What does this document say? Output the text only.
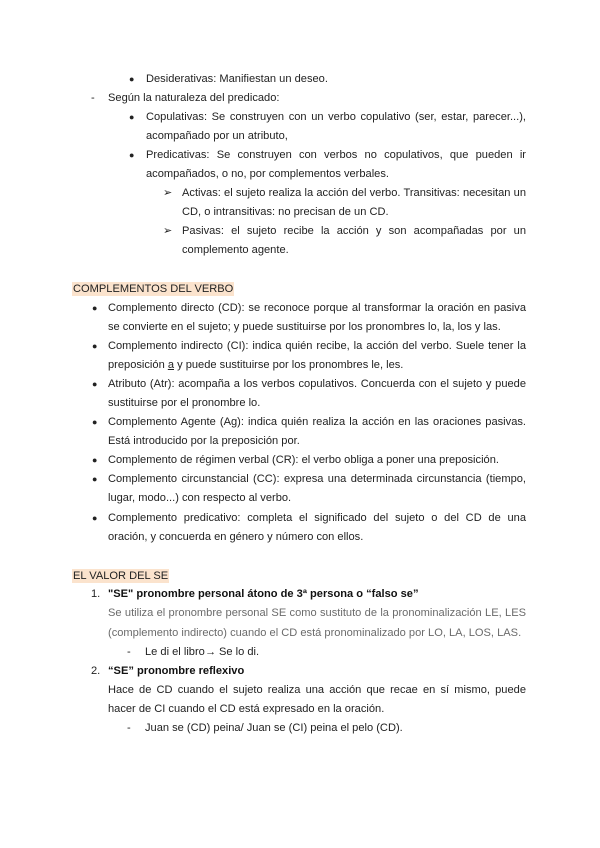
● Desiderativas: Manifiestan un deseo.
- Según la naturaleza del predicado:
● Copulativas: Se construyen con un verbo copulativo (ser, estar, parecer...),
acompañado por un atributo,
● Predicativas: Se construyen con verbos no copulativos, que pueden ir
acompañados, o no, por complementos verbales.
➢ Activas: el sujeto realiza la acción del verbo. Transitivas: necesitan un
CD, o intransitivas: no precisan de un CD.
➢ Pasivas: el sujeto recibe la acción y son acompañadas por un
complemento agente.
COMPLEMENTOS DEL VERBO
● Complemento directo (CD): se reconoce porque al transformar la oración en pasiva
se convierte en el sujeto; y puede sustituirse por los pronombres lo, la, los y las.
● Complemento indirecto (CI): indica quién recibe, la acción del verbo. Suele tener la
preposición a y puede sustituirse por los pronombres le, les.
● Atributo (Atr): acompaña a los verbos copulativos. Concuerda con el sujeto y puede
sustituirse por el pronombre lo.
● Complemento Agente (Ag): indica quién realiza la acción en las oraciones pasivas.
Está introducido por la preposición por.
● Complemento de régimen verbal (CR): el verbo obliga a poner una preposición.
● Complemento circunstancial (CC): expresa una determinada circunstancia (tiempo,
lugar, modo...) con respecto al verbo.
● Complemento predicativo: completa el significado del sujeto o del CD de una
oración, y concuerda en género y número con ellos.
EL VALOR DEL SE
1. "SE" pronombre personal átono de 3ª persona o “falso se”
Se utiliza el pronombre personal SE como sustituto de la pronominalización LE, LES
(complemento indirecto) cuando el CD está pronominalizado por LO, LA, LOS, LAS.
- Le di el libro→ Se lo di.
2. “SE” pronombre reflexivo
Hace de CD cuando el sujeto realiza una acción que recae en sí mismo, puede
hacer de CI cuando el CD está expresado en la oración.
- Juan se (CD) peina/ Juan se (CI) peina el pelo (CD).
